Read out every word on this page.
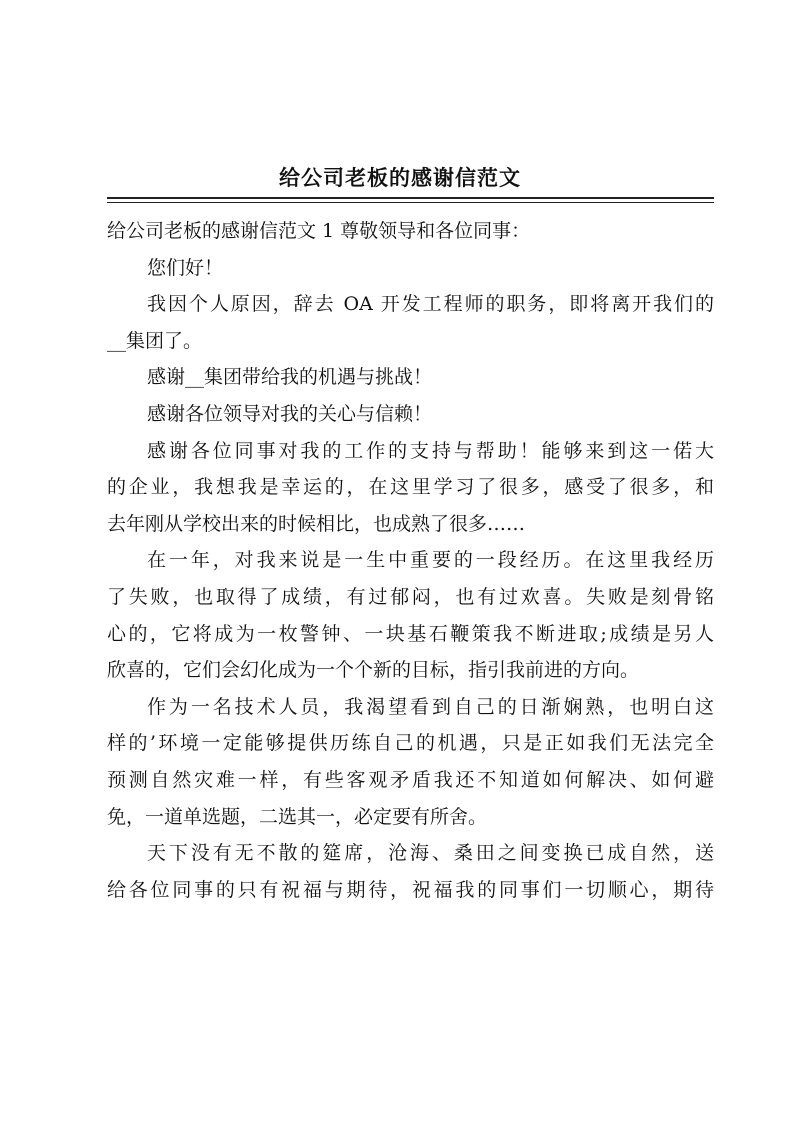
给公司老板的感谢信范文
给公司老板的感谢信范文 1 尊敬领导和各位同事：
您们好！
我因个人原因，辞去 OA 开发工程师的职务，即将离开我们的
__集团了。
感谢__集团带给我的机遇与挑战！
感谢各位领导对我的关心与信赖！
感谢各位同事对我的工作的支持与帮助！能够来到这一偌大
的企业，我想我是幸运的，在这里学习了很多，感受了很多，和
去年刚从学校出来的时候相比，也成熟了很多……
在一年，对我来说是一生中重要的一段经历。在这里我经历
了失败，也取得了成绩，有过郁闷，也有过欢喜。失败是刻骨铭
心的，它将成为一枚警钟、一块基石鞭策我不断进取;成绩是另人
欣喜的，它们会幻化成为一个个新的目标，指引我前进的方向。
作为一名技术人员，我渴望看到自己的日渐娴熟，也明白这
样的’环境一定能够提供历练自己的机遇，只是正如我们无法完全
预测自然灾难一样，有些客观矛盾我还不知道如何解决、如何避
免，一道单选题，二选其一，必定要有所舍。
天下没有无不散的筵席，沧海、桑田之间变换已成自然，送
给各位同事的只有祝福与期待，祝福我的同事们一切顺心，期待
